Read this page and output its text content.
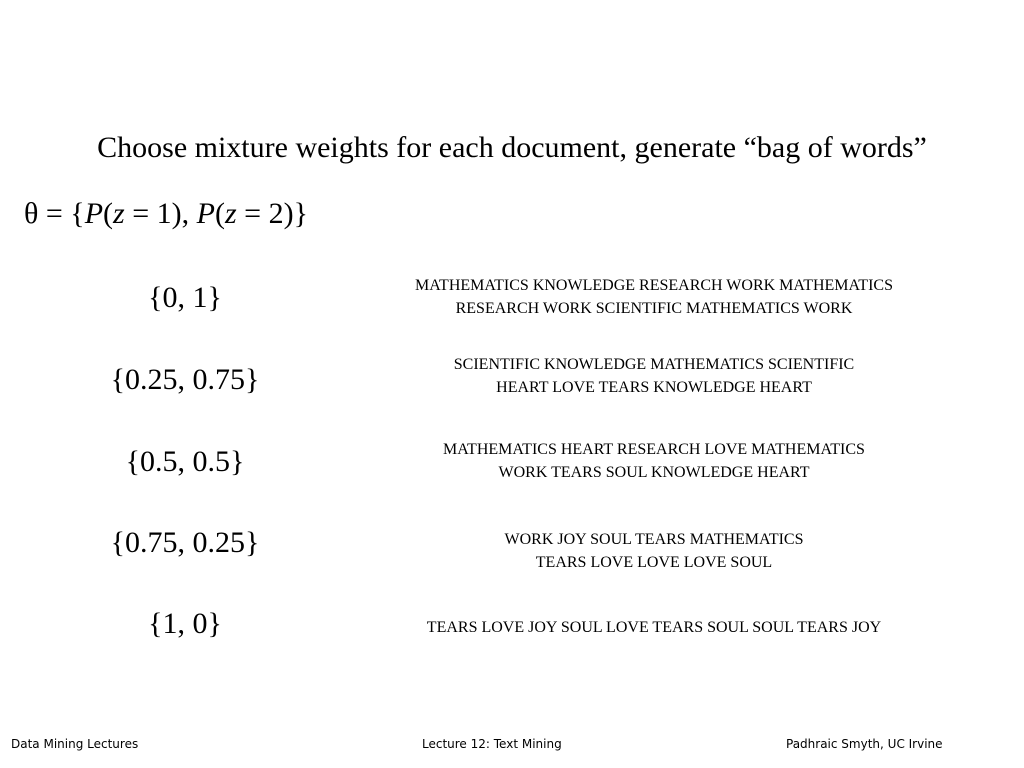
Choose mixture weights for each document, generate “bag of words”
θ = {P(z = 1), P(z = 2)}
{0, 1}	MATHEMATICS KNOWLEDGE RESEARCH WORK MATHEMATICS
RESEARCH WORK SCIENTIFIC MATHEMATICS WORK
{0.25, 0.75}	SCIENTIFIC KNOWLEDGE MATHEMATICS SCIENTIFIC
HEART LOVE TEARS KNOWLEDGE HEART
{0.5, 0.5}	MATHEMATICS HEART RESEARCH LOVE MATHEMATICS
WORK TEARS SOUL KNOWLEDGE HEART
{0.75, 0.25}	WORK JOY SOUL TEARS MATHEMATICS
TEARS LOVE LOVE LOVE SOUL
{1, 0}	TEARS LOVE JOY SOUL LOVE TEARS SOUL SOUL TEARS JOY
Data Mining Lectures	Lecture 12: Text Mining	Padhraic Smyth, UC Irvine
